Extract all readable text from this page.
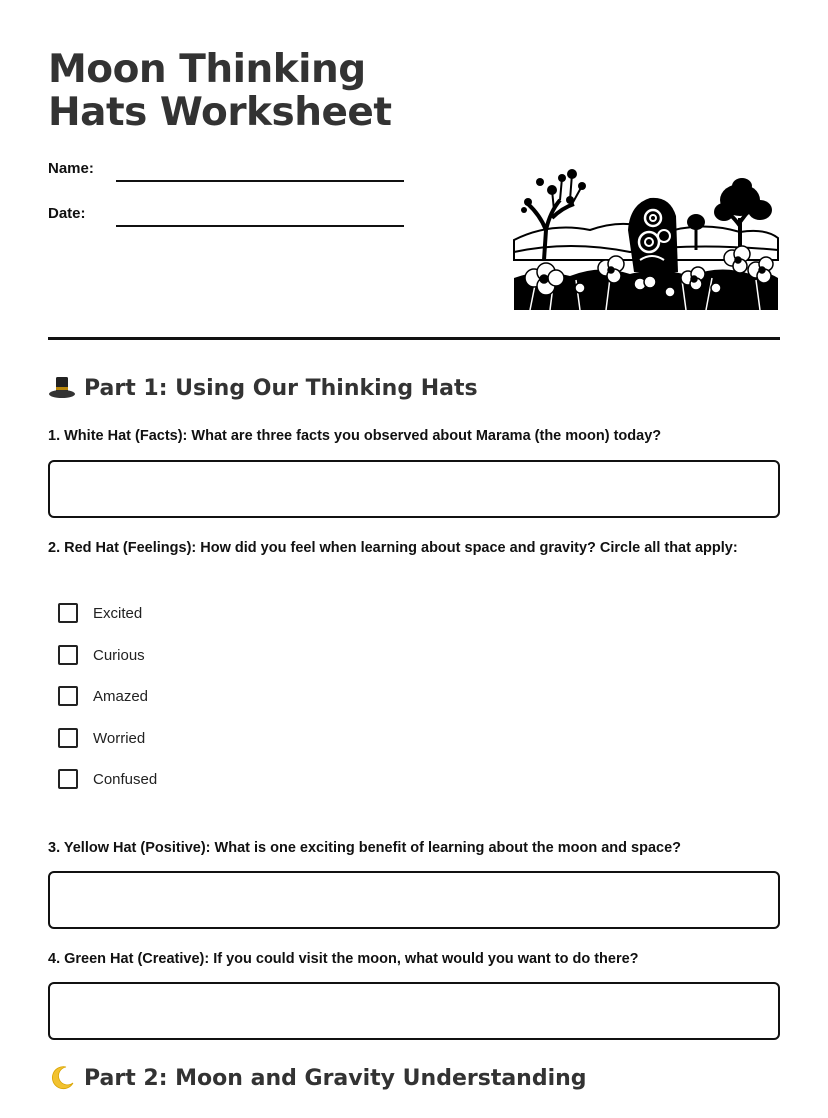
Moon Thinking Hats Worksheet
Name:
Date:
Part 1: Using Our Thinking Hats
1. White Hat (Facts): What are three facts you observed about Marama (the moon) today?
2. Red Hat (Feelings): How did you feel when learning about space and gravity? Circle all that apply:
Excited
Curious
Amazed
Worried
Confused
3. Yellow Hat (Positive): What is one exciting benefit of learning about the moon and space?
4. Green Hat (Creative): If you could visit the moon, what would you want to do there?
Part 2: Moon and Gravity Understanding
